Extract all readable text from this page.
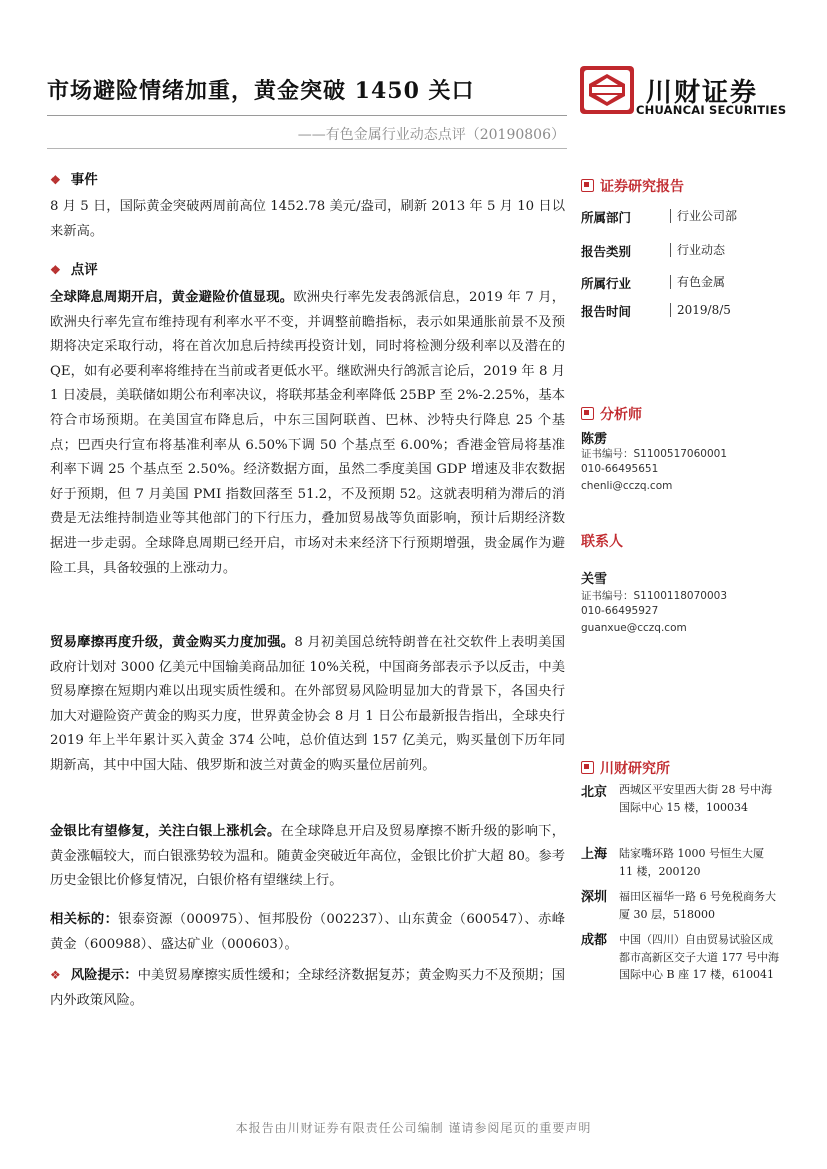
市场避险情绪加重，黄金突破 1450 关口
——有色金属行业动态点评（20190806）
川财证券
CHUANCAI SECURITIES
❖ 事件
8 月 5 日，国际黄金突破两周前高位 1452.78 美元/盎司，刷新 2013 年 5 月 10 日以来新高。
❖ 点评
全球降息周期开启，黄金避险价值显现。欧洲央行率先发表鸽派信息，2019 年 7 月，欧洲央行率先宣布维持现有利率水平不变，并调整前瞻指标，表示如果通胀前景不及预期将决定采取行动，将在首次加息后持续再投资计划，同时将检测分级利率以及潜在的 QE，如有必要利率将维持在当前或者更低水平。继欧洲央行鸽派言论后，2019 年 8 月 1 日凌晨，美联储如期公布利率决议，将联邦基金利率降低 25BP 至 2%-2.25%，基本符合市场预期。在美国宣布降息后，中东三国阿联酋、巴林、沙特央行降息 25 个基点；巴西央行宣布将基准利率从 6.50%下调 50 个基点至 6.00%；香港金管局将基准利率下调 25 个基点至 2.50%。经济数据方面，虽然二季度美国 GDP 增速及非农数据好于预期，但 7 月美国 PMI 指数回落至 51.2，不及预期 52。这就表明稍为滞后的消费是无法维持制造业等其他部门的下行压力，叠加贸易战等负面影响，预计后期经济数据进一步走弱。全球降息周期已经开启，市场对未来经济下行预期增强，贵金属作为避险工具，具备较强的上涨动力。
贸易摩擦再度升级，黄金购买力度加强。8 月初美国总统特朗普在社交软件上表明美国政府计划对 3000 亿美元中国输美商品加征 10%关税，中国商务部表示予以反击，中美贸易摩擦在短期内难以出现实质性缓和。在外部贸易风险明显加大的背景下，各国央行加大对避险资产黄金的购买力度，世界黄金协会 8 月 1 日公布最新报告指出，全球央行 2019 年上半年累计买入黄金 374 公吨，总价值达到 157 亿美元，购买量创下历年同期新高，其中中国大陆、俄罗斯和波兰对黄金的购买量位居前列。
金银比有望修复，关注白银上涨机会。在全球降息开启及贸易摩擦不断升级的影响下，黄金涨幅较大，而白银涨势较为温和。随黄金突破近年高位，金银比价扩大超 80。参考历史金银比价修复情况，白银价格有望继续上行。
相关标的：银泰资源（000975）、恒邦股份（002237）、山东黄金（600547）、赤峰黄金（600988）、盛达矿业（000603）。
❖ 风险提示：中美贸易摩擦实质性缓和；全球经济数据复苏；黄金购买力不及预期；国内外政策风险。
证券研究报告
所属部门	行业公司部
报告类别	行业动态
所属行业	有色金属
报告时间	2019/8/5
分析师
陈雳
证书编号：S1100517060001
010-66495651
chenli@cczq.com
联系人
关雪
证书编号：S1100118070003
010-66495927
guanxue@cczq.com
川财研究所
北京 西城区平安里西大街 28 号中海国际中心 15 楼，100034
上海 陆家嘴环路 1000 号恒生大厦 11 楼，200120
深圳 福田区福华一路 6 号免税商务大厦 30 层，518000
成都 中国（四川）自由贸易试验区成都市高新区交子大道 177 号中海国际中心 B 座 17 楼，610041
本报告由川财证券有限责任公司编制 谨请参阅尾页的重要声明
